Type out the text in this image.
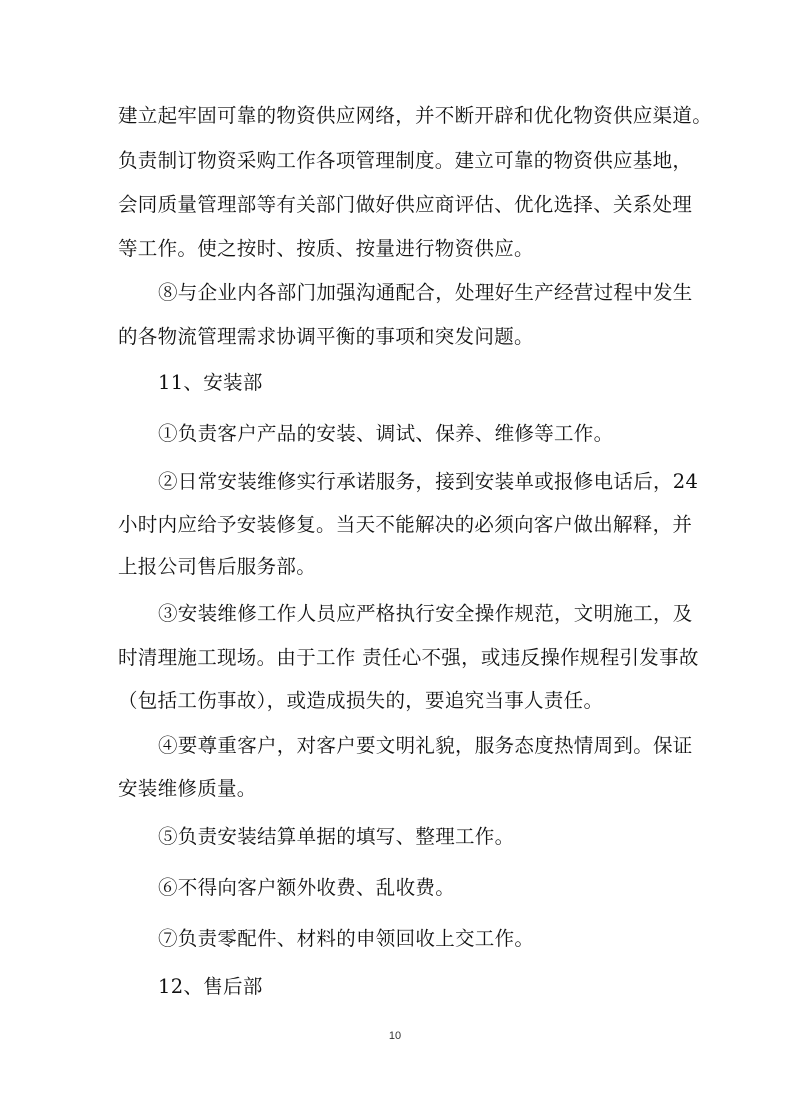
建立起牢固可靠的物资供应网络，并不断开辟和优化物资供应渠道。
负责制订物资采购工作各项管理制度。建立可靠的物资供应基地，
会同质量管理部等有关部门做好供应商评估、优化选择、关系处理
等工作。使之按时、按质、按量进行物资供应。
⑧与企业内各部门加强沟通配合，处理好生产经营过程中发生
的各物流管理需求协调平衡的事项和突发问题。
11、安装部
①负责客户产品的安装、调试、保养、维修等工作。
②日常安装维修实行承诺服务，接到安装单或报修电话后，24
小时内应给予安装修复。当天不能解决的必须向客户做出解释，并
上报公司售后服务部。
③安装维修工作人员应严格执行安全操作规范，文明施工，及
时清理施工现场。由于工作 责任心不强，或违反操作规程引发事故
（包括工伤事故），或造成损失的，要追究当事人责任。
④要尊重客户，对客户要文明礼貌，服务态度热情周到。保证
安装维修质量。
⑤负责安装结算单据的填写、整理工作。
⑥不得向客户额外收费、乱收费。
⑦负责零配件、材料的申领回收上交工作。
12、售后部
10
